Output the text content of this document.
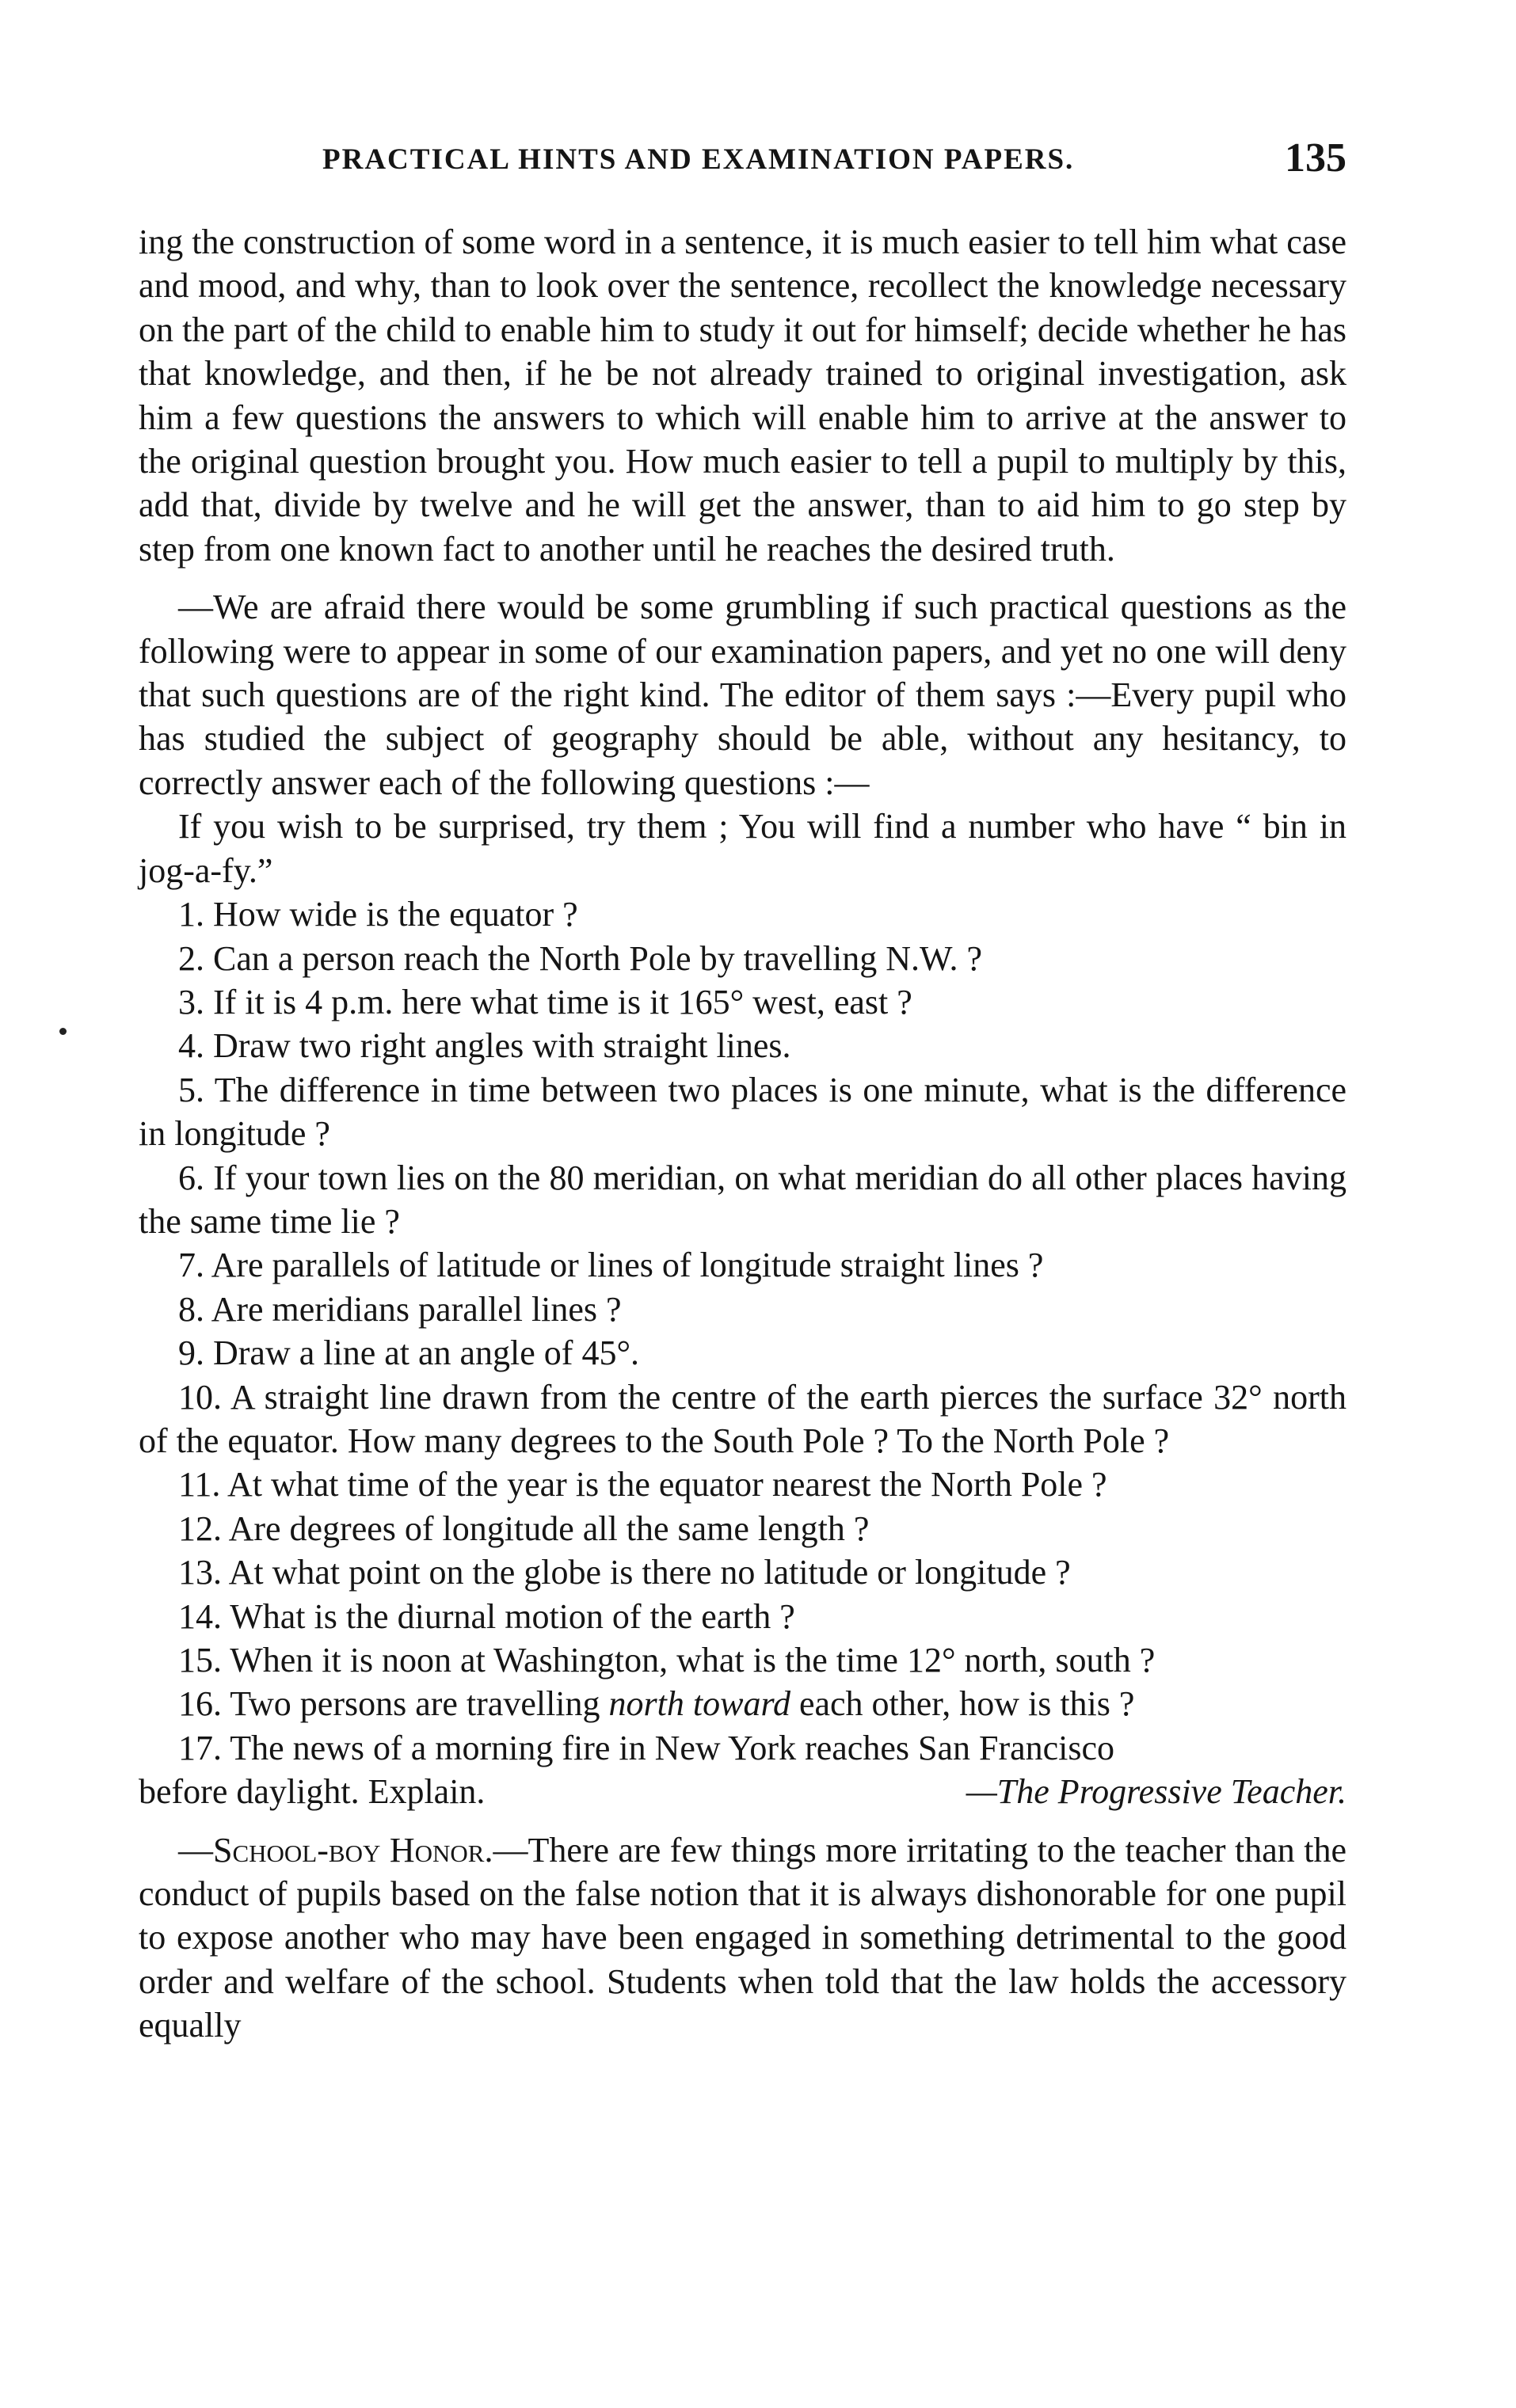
PRACTICAL HINTS AND EXAMINATION PAPERS.	135

ing the construction of some word in a sentence, it is much easier to tell him what case and mood, and why, than to look over the sentence, recollect the knowledge necessary on the part of the child to enable him to study it out for himself; decide whether he has that knowledge, and then, if he be not already trained to original investigation, ask him a few questions the answers to which will enable him to arrive at the answer to the original question brought you. How much easier to tell a pupil to multiply by this, add that, divide by twelve and he will get the answer, than to aid him to go step by step from one known fact to another until he reaches the desired truth.

—We are afraid there would be some grumbling if such practical questions as the following were to appear in some of our examination papers, and yet no one will deny that such questions are of the right kind. The editor of them says :—Every pupil who has studied the subject of geography should be able, without any hesitancy, to correctly answer each of the following questions :—

If you wish to be surprised, try them ; You will find a number who have “ bin in jog-a-fy.”

1. How wide is the equator ?

2. Can a person reach the North Pole by travelling N.W. ?

3. If it is 4 p.m. here what time is it 165° west, east ?

4. Draw two right angles with straight lines.

5. The difference in time between two places is one minute, what is the difference in longitude ?

6. If your town lies on the 80 meridian, on what meridian do all other places having the same time lie ?

7. Are parallels of latitude or lines of longitude straight lines ?

8. Are meridians parallel lines ?

9. Draw a line at an angle of 45°.

10. A straight line drawn from the centre of the earth pierces the surface 32° north of the equator. How many degrees to the South Pole ? To the North Pole ?

11. At what time of the year is the equator nearest the North Pole ?

12. Are degrees of longitude all the same length ?

13. At what point on the globe is there no latitude or longitude ?

14. What is the diurnal motion of the earth ?

15. When it is noon at Washington, what is the time 12° north, south ?

16. Two persons are travelling north toward each other, how is this ?

17. The news of a morning fire in New York reaches San Francisco

before daylight. Explain.	—The Progressive Teacher.

—School-boy Honor.—There are few things more irritating to the teacher than the conduct of pupils based on the false notion that it is always dishonorable for one pupil to expose another who may have been engaged in something detrimental to the good order and welfare of the school. Students when told that the law holds the accessory equally
